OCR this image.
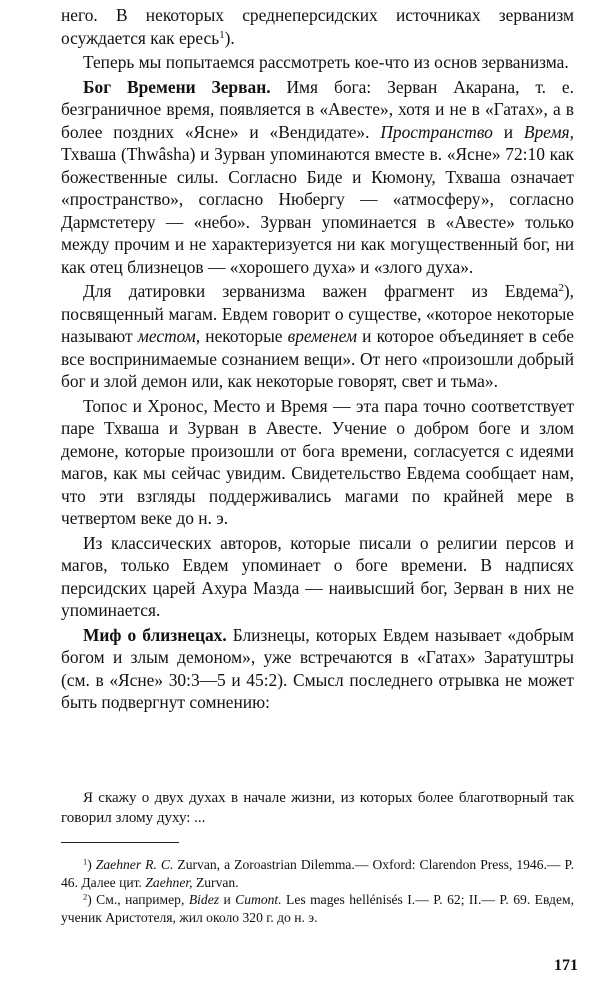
него. В некоторых среднеперсидских источниках зерванизм осуждается как ересь$^1$).

Теперь мы попытаемся рассмотреть кое-что из основ зерванизма.

Бог Времени Зерван. Имя бога: Зерван Акарана, т. е. безграничное время, появляется в «Авесте», хотя и не в «Гатах», а в более поздних «Ясне» и «Вендидате». Пространство и Время, Тхваша (Thwâsha) и Зурван упоминаются вместе в. «Ясне» 72:10 как божественные силы. Согласно Биде и Кюмону, Тхваша означает «пространство», согласно Нюбергу — «атмосферу», согласно Дармстетеру — «небо». Зурван упоминается в «Авесте» только между прочим и не характеризуется ни как могущественный бог, ни как отец близнецов — «хорошего духа» и «злого духа».

Для датировки зерванизма важен фрагмент из Евдема$^2$), посвященный магам. Евдем говорит о существе, «которое некоторые называют местом, некоторые временем и которое объединяет в себе все воспринимаемые сознанием вещи». От него «произошли добрый бог и злой демон или, как некоторые говорят, свет и тьма».

Топос и Хронос, Место и Время — эта пара точно соответствует паре Тхваша и Зурван в Авесте. Учение о добром боге и злом демоне, которые произошли от бога времени, согласуется с идеями магов, как мы сейчас увидим. Свидетельство Евдема сообщает нам, что эти взгляды поддерживались магами по крайней мере в четвертом веке до н. э.

Из классических авторов, которые писали о религии персов и магов, только Евдем упоминает о боге времени. В надписях персидских царей Ахура Мазда — наивысший бог, Зерван в них не упоминается.

Миф о близнецах. Близнецы, которых Евдем называет «добрым богом и злым демоном», уже встречаются в «Гатах» Заратуштры (см. в «Ясне» 30:3—5 и 45:2). Смысл последнего отрывка не может быть подвергнут сомнению:

Я скажу о двух духах в начале жизни, из которых более благотворный так говорил злому духу: ...

$^1$) Zaehner R. C. Zurvan, a Zoroastrian Dilemma.— Oxford: Clarendon Press, 1946.— P. 46. Далее цит. Zaehner, Zurvan.

$^2$) См., например, Bidez и Cumont. Les mages hellénisés I.— P. 62; II.— P. 69. Евдем, ученик Аристотеля, жил около 320 г. до н. э.

171
